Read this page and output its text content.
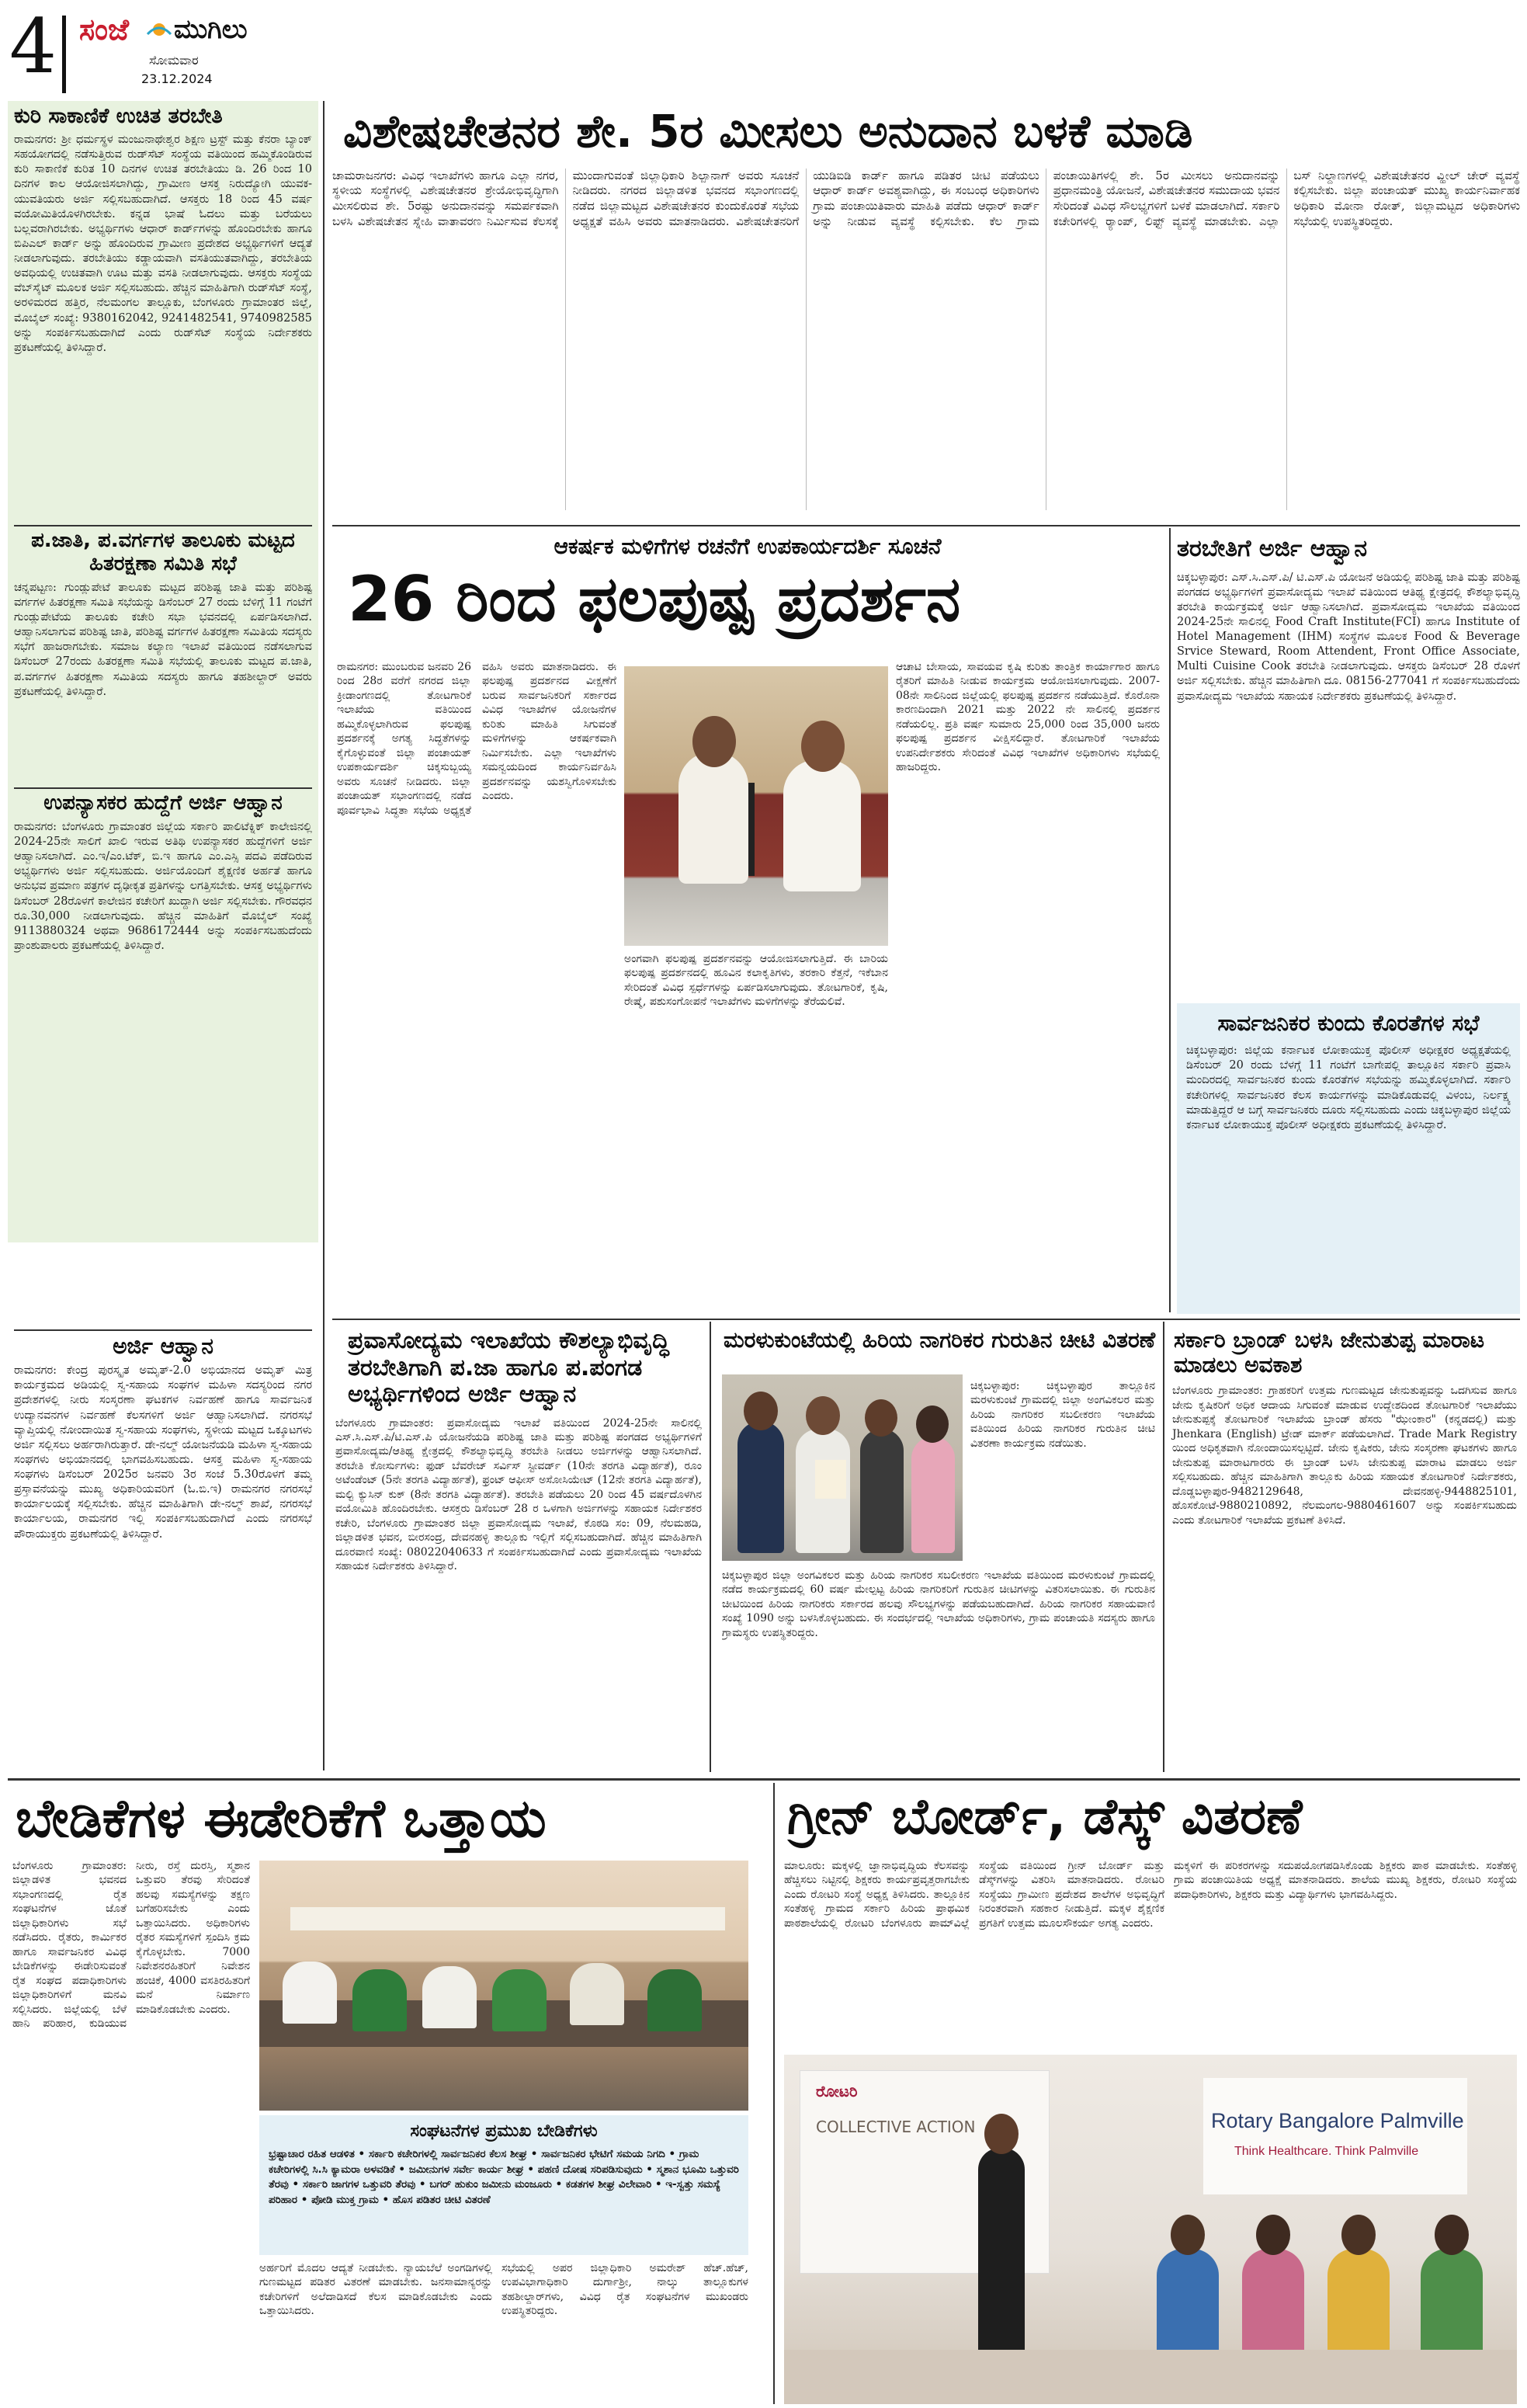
4 ಸಂಜೆ ಮುಗಿಲು
ಸೋಮವಾರ
23.12.2024
ಕುರಿ ಸಾಕಾಣಿಕೆ ಉಚಿತ ತರಬೇತಿ
ರಾಮನಗರ: ಶ್ರೀ ಧರ್ಮಸ್ಥಳ ಮಂಜುನಾಥೇಶ್ವರ ಶಿಕ್ಷಣ ಟ್ರಸ್ಟ್ ಮತ್ತು ಕೆನರಾ ಬ್ಯಾಂಕ್ ಸಹಯೋಗದಲ್ಲಿ ನಡೆಸುತ್ತಿರುವ ರುಡ್‌ಸೆಟ್ ಸಂಸ್ಥೆಯ ವತಿಯಿಂದ ಹಮ್ಮಿಕೊಂಡಿರುವ ಕುರಿ ಸಾಕಾಣಿಕೆ ಕುರಿತ 10 ದಿನಗಳ ಉಚಿತ ತರಬೇತಿಯು ಡಿ. 26 ರಿಂದ 10 ದಿನಗಳ ಕಾಲ ಆಯೋಜಿಸಲಾಗಿದ್ದು, ಗ್ರಾಮೀಣ ಆಸಕ್ತ ನಿರುದ್ಯೋಗಿ ಯುವಕ-ಯುವತಿಯರು ಅರ್ಜಿ ಸಲ್ಲಿಸಬಹುದಾಗಿದೆ. ಆಸಕ್ತರು 18 ರಿಂದ 45 ವರ್ಷ ವಯೋಮಿತಿಯೊಳಗಿರಬೇಕು. ಕನ್ನಡ ಭಾಷೆ ಓದಲು ಮತ್ತು ಬರೆಯಲು ಬಲ್ಲವರಾಗಿರಬೇಕು. ಅಭ್ಯರ್ಥಿಗಳು ಆಧಾರ್ ಕಾರ್ಡ್‌ಗಳನ್ನು ಹೊಂದಿರಬೇಕು ಹಾಗೂ ಬಿಪಿಎಲ್ ಕಾರ್ಡ್ ಅನ್ನು ಹೊಂದಿರುವ ಗ್ರಾಮೀಣ ಪ್ರದೇಶದ ಅಭ್ಯರ್ಥಿಗಳಿಗೆ ಆದ್ಯತೆ ನೀಡಲಾಗುವುದು. ತರಬೇತಿಯು ಕಡ್ಡಾಯವಾಗಿ ವಸತಿಯುತವಾಗಿದ್ದು, ತರಬೇತಿಯ ಅವಧಿಯಲ್ಲಿ ಉಚಿತವಾಗಿ ಊಟ ಮತ್ತು ವಸತಿ ನೀಡಲಾಗುವುದು. ಆಸಕ್ತರು ಸಂಸ್ಥೆಯ ವೆಬ್‌ಸೈಟ್ ಮೂಲಕ ಅರ್ಜಿ ಸಲ್ಲಿಸಬಹುದು. ಹೆಚ್ಚಿನ ಮಾಹಿತಿಗಾಗಿ ರುಡ್‌ಸೆಟ್ ಸಂಸ್ಥೆ, ಅರಳಿಮರದ ಹತ್ತಿರ, ನೆಲಮಂಗಲ ತಾಲ್ಲೂಕು, ಬೆಂಗಳೂರು ಗ್ರಾಮಾಂತರ ಜಿಲ್ಲೆ, ಮೊಬೈಲ್ ಸಂಖ್ಯೆ: 9380162042, 9241482541, 9740982585 ಅನ್ನು ಸಂಪರ್ಕಿಸಬಹುದಾಗಿದೆ ಎಂದು ರುಡ್‌ಸೆಟ್ ಸಂಸ್ಥೆಯ ನಿರ್ದೇಶಕರು ಪ್ರಕಟಣೆಯಲ್ಲಿ ತಿಳಿಸಿದ್ದಾರೆ.
ಪ.ಜಾತಿ, ಪ.ವರ್ಗಗಳ ತಾಲೂಕು ಮಟ್ಟದ ಹಿತರಕ್ಷಣಾ ಸಮಿತಿ ಸಭೆ
ಚನ್ನಪಟ್ಟಣ: ಗುಂಡ್ಲುಪೇಟೆ ತಾಲೂಕು ಮಟ್ಟದ ಪರಿಶಿಷ್ಟ ಜಾತಿ ಮತ್ತು ಪರಿಶಿಷ್ಟ ವರ್ಗಗಳ ಹಿತರಕ್ಷಣಾ ಸಮಿತಿ ಸಭೆಯನ್ನು ಡಿಸೆಂಬರ್ 27 ರಂದು ಬೆಳಿಗ್ಗೆ 11 ಗಂಟೆಗೆ ಗುಂಡ್ಲುಪೇಟೆಯ ತಾಲೂಕು ಕಚೇರಿ ಸಭಾ ಭವನದಲ್ಲಿ ಏರ್ಪಡಿಸಲಾಗಿದೆ. ಆಹ್ವಾನಿಸಲಾಗುವ ಪರಿಶಿಷ್ಟ ಜಾತಿ, ಪರಿಶಿಷ್ಟ ವರ್ಗಗಳ ಹಿತರಕ್ಷಣಾ ಸಮಿತಿಯ ಸದಸ್ಯರು ಸಭೆಗೆ ಹಾಜರಾಗಬೇಕು. ಸಮಾಜ ಕಲ್ಯಾಣ ಇಲಾಖೆ ವತಿಯಿಂದ ನಡೆಸಲಾಗುವ ಡಿಸೆಂಬರ್ 27ರಂದು ಹಿತರಕ್ಷಣಾ ಸಮಿತಿ ಸಭೆಯಲ್ಲಿ ತಾಲೂಕು ಮಟ್ಟದ ಪ.ಜಾತಿ, ಪ.ವರ್ಗಗಳ ಹಿತರಕ್ಷಣಾ ಸಮಿತಿಯ ಸದಸ್ಯರು ಹಾಗೂ ತಹಶೀಲ್ದಾರ್ ಅವರು ಪ್ರಕಟಣೆಯಲ್ಲಿ ತಿಳಿಸಿದ್ದಾರೆ.
ಉಪನ್ಯಾಸಕರ ಹುದ್ದೆಗೆ ಅರ್ಜಿ ಆಹ್ವಾನ
ರಾಮನಗರ: ಬೆಂಗಳೂರು ಗ್ರಾಮಾಂತರ ಜಿಲ್ಲೆಯ ಸರ್ಕಾರಿ ಪಾಲಿಟೆಕ್ನಿಕ್ ಕಾಲೇಜಿನಲ್ಲಿ 2024-25ನೇ ಸಾಲಿಗೆ ಖಾಲಿ ಇರುವ ಅತಿಥಿ ಉಪನ್ಯಾಸಕರ ಹುದ್ದೆಗಳಿಗೆ ಅರ್ಜಿ ಆಹ್ವಾನಿಸಲಾಗಿದೆ. ಎಂ.ಇ/ಎಂ.ಟೆಕ್, ಬಿ.ಇ ಹಾಗೂ ಎಂ.ಎಸ್ಸಿ ಪದವಿ ಪಡೆದಿರುವ ಅಭ್ಯರ್ಥಿಗಳು ಅರ್ಜಿ ಸಲ್ಲಿಸಬಹುದು. ಅರ್ಜಿಯೊಂದಿಗೆ ಶೈಕ್ಷಣಿಕ ಅರ್ಹತೆ ಹಾಗೂ ಅನುಭವ ಪ್ರಮಾಣ ಪತ್ರಗಳ ದೃಢೀಕೃತ ಪ್ರತಿಗಳನ್ನು ಲಗತ್ತಿಸಬೇಕು. ಆಸಕ್ತ ಅಭ್ಯರ್ಥಿಗಳು ಡಿಸೆಂಬರ್ 28ರೊಳಗೆ ಕಾಲೇಜಿನ ಕಚೇರಿಗೆ ಖುದ್ದಾಗಿ ಅರ್ಜಿ ಸಲ್ಲಿಸಬೇಕು. ಗೌರವಧನ ರೂ.30,000 ನೀಡಲಾಗುವುದು. ಹೆಚ್ಚಿನ ಮಾಹಿತಿಗೆ ಮೊಬೈಲ್ ಸಂಖ್ಯೆ 9113880324 ಅಥವಾ 9686172444 ಅನ್ನು ಸಂಪರ್ಕಿಸಬಹುದೆಂದು ಪ್ರಾಂಶುಪಾಲರು ಪ್ರಕಟಣೆಯಲ್ಲಿ ತಿಳಿಸಿದ್ದಾರೆ.
ಅರ್ಜಿ ಆಹ್ವಾನ
ರಾಮನಗರ: ಕೇಂದ್ರ ಪುರಸ್ಕೃತ ಅಮೃತ್-2.0 ಅಭಿಯಾನದ ಅಮೃತ್ ಮಿತ್ರ ಕಾರ್ಯಕ್ರಮದ ಅಡಿಯಲ್ಲಿ ಸ್ವ-ಸಹಾಯ ಸಂಘಗಳ ಮಹಿಳಾ ಸದಸ್ಯರಿಂದ ನಗರ ಪ್ರದೇಶಗಳಲ್ಲಿ ನೀರು ಸಂಸ್ಕರಣಾ ಘಟಕಗಳ ನಿರ್ವಹಣೆ ಹಾಗೂ ಸಾರ್ವಜನಿಕ ಉದ್ಯಾನವನಗಳ ನಿರ್ವಹಣೆ ಕೆಲಸಗಳಿಗೆ ಅರ್ಜಿ ಆಹ್ವಾನಿಸಲಾಗಿದೆ. ನಗರಸಭೆ ವ್ಯಾಪ್ತಿಯಲ್ಲಿ ನೋಂದಾಯಿತ ಸ್ವ-ಸಹಾಯ ಸಂಘಗಳು, ಸ್ಥಳೀಯ ಮಟ್ಟದ ಒಕ್ಕೂಟಗಳು ಅರ್ಜಿ ಸಲ್ಲಿಸಲು ಅರ್ಹರಾಗಿರುತ್ತಾರೆ. ಡೇ-ನಲ್ಮ್ ಯೋಜನೆಯಡಿ ಮಹಿಳಾ ಸ್ವ-ಸಹಾಯ ಸಂಘಗಳು ಅಭಿಯಾನದಲ್ಲಿ ಭಾಗವಹಿಸಬಹುದು. ಆಸಕ್ತ ಮಹಿಳಾ ಸ್ವ-ಸಹಾಯ ಸಂಘಗಳು ಡಿಸೆಂಬರ್ 2025ರ ಜನವರಿ 3ರ ಸಂಜೆ 5.30ರೊಳಗೆ ತಮ್ಮ ಪ್ರಸ್ತಾವನೆಯನ್ನು ಮುಖ್ಯ ಅಧಿಕಾರಿಯವರಿಗೆ (ಓ.ಬಿ.ಇ) ರಾಮನಗರ ನಗರಸಭೆ ಕಾರ್ಯಾಲಯಕ್ಕೆ ಸಲ್ಲಿಸಬೇಕು. ಹೆಚ್ಚಿನ ಮಾಹಿತಿಗಾಗಿ ಡೇ-ನಲ್ಮ್ ಶಾಖೆ, ನಗರಸಭೆ ಕಾರ್ಯಾಲಯ, ರಾಮನಗರ ಇಲ್ಲಿ ಸಂಪರ್ಕಿಸಬಹುದಾಗಿದೆ ಎಂದು ನಗರಸಭೆ ಪೌರಾಯುಕ್ತರು ಪ್ರಕಟಣೆಯಲ್ಲಿ ತಿಳಿಸಿದ್ದಾರೆ.
ವಿಶೇಷಚೇತನರ ಶೇ. 5ರ ಮೀಸಲು ಅನುದಾನ ಬಳಕೆ ಮಾಡಿ
ಚಾಮರಾಜನಗರ: ವಿವಿಧ ಇಲಾಖೆಗಳು ಹಾಗೂ ಎಲ್ಲಾ ನಗರ, ಸ್ಥಳೀಯ ಸಂಸ್ಥೆಗಳಲ್ಲಿ ವಿಶೇಷಚೇತನರ ಶ್ರೇಯೋಭಿವೃದ್ಧಿಗಾಗಿ ಮೀಸಲಿರುವ ಶೇ. 5ರಷ್ಟು ಅನುದಾನವನ್ನು ಸಮರ್ಪಕವಾಗಿ ಬಳಸಿ ವಿಶೇಷಚೇತನ ಸ್ನೇಹಿ ವಾತಾವರಣ ನಿರ್ಮಿಸುವ ಕೆಲಸಕ್ಕೆ ಮುಂದಾಗುವಂತೆ ಜಿಲ್ಲಾಧಿಕಾರಿ ಶಿಲ್ಪಾನಾಗ್ ಅವರು ಸೂಚನೆ ನೀಡಿದರು. ನಗರದ ಜಿಲ್ಲಾಡಳಿತ ಭವನದ ಸಭಾಂಗಣದಲ್ಲಿ ನಡೆದ ಜಿಲ್ಲಾಮಟ್ಟದ ವಿಶೇಷಚೇತನರ ಕುಂದುಕೊರತೆ ಸಭೆಯ ಅಧ್ಯಕ್ಷತೆ ವಹಿಸಿ ಅವರು ಮಾತನಾಡಿದರು. ವಿಶೇಷಚೇತನರಿಗೆ ಯುಡಿಐಡಿ ಕಾರ್ಡ್ ಹಾಗೂ ಪಡಿತರ ಚೀಟಿ ಪಡೆಯಲು ಆಧಾರ್ ಕಾರ್ಡ್ ಅವಶ್ಯವಾಗಿದ್ದು, ಈ ಸಂಬಂಧ ಅಧಿಕಾರಿಗಳು ಗ್ರಾಮ ಪಂಚಾಯಿತಿವಾರು ಮಾಹಿತಿ ಪಡೆದು ಆಧಾರ್ ಕಾರ್ಡ್ ಅನ್ನು ನೀಡುವ ವ್ಯವಸ್ಥೆ ಕಲ್ಪಿಸಬೇಕು. ಕೆಲ ಗ್ರಾಮ ಪಂಚಾಯಿತಿಗಳಲ್ಲಿ ಶೇ. 5ರ ಮೀಸಲು ಅನುದಾನವನ್ನು ಪ್ರಧಾನಮಂತ್ರಿ ಯೋಜನೆ, ವಿಶೇಷಚೇತನರ ಸಮುದಾಯ ಭವನ ಸೇರಿದಂತೆ ವಿವಿಧ ಸೌಲಭ್ಯಗಳಿಗೆ ಬಳಕೆ ಮಾಡಲಾಗಿದೆ. ಸರ್ಕಾರಿ ಕಚೇರಿಗಳಲ್ಲಿ ರ‍್ಯಾಂಪ್, ಲಿಫ್ಟ್ ವ್ಯವಸ್ಥೆ ಮಾಡಬೇಕು. ಎಲ್ಲಾ ಬಸ್ ನಿಲ್ದಾಣಗಳಲ್ಲಿ ವಿಶೇಷಚೇತನರ ವ್ಹೀಲ್ ಚೇರ್ ವ್ಯವಸ್ಥೆ ಕಲ್ಪಿಸಬೇಕು. ಜಿಲ್ಲಾ ಪಂಚಾಯತ್ ಮುಖ್ಯ ಕಾರ್ಯನಿರ್ವಾಹಕ ಅಧಿಕಾರಿ ಮೋನಾ ರೋತ್, ಜಿಲ್ಲಾಮಟ್ಟದ ಅಧಿಕಾರಿಗಳು ಸಭೆಯಲ್ಲಿ ಉಪಸ್ಥಿತರಿದ್ದರು.
ಆಕರ್ಷಕ ಮಳಿಗೆಗಳ ರಚನೆಗೆ ಉಪಕಾರ್ಯದರ್ಶಿ ಸೂಚನೆ
26 ರಿಂದ ಫಲಪುಷ್ಪ ಪ್ರದರ್ಶನ
ರಾಮನಗರ: ಮುಂಬರುವ ಜನವರಿ 26 ರಿಂದ 28ರ ವರೆಗೆ ನಗರದ ಜಿಲ್ಲಾ ಕ್ರೀಡಾಂಗಣದಲ್ಲಿ ತೋಟಗಾರಿಕೆ ಇಲಾಖೆಯ ವತಿಯಿಂದ ಹಮ್ಮಿಕೊಳ್ಳಲಾಗಿರುವ ಫಲಪುಷ್ಪ ಪ್ರದರ್ಶನಕ್ಕೆ ಅಗತ್ಯ ಸಿದ್ಧತೆಗಳನ್ನು ಕೈಗೊಳ್ಳುವಂತೆ ಜಿಲ್ಲಾ ಪಂಚಾಯತ್ ಉಪಕಾರ್ಯದರ್ಶಿ ಚಿಕ್ಕಸುಬ್ಬಯ್ಯ ಅವರು ಸೂಚನೆ ನೀಡಿದರು. ಜಿಲ್ಲಾ ಪಂಚಾಯತ್ ಸಭಾಂಗಣದಲ್ಲಿ ನಡೆದ ಪೂರ್ವಭಾವಿ ಸಿದ್ಧತಾ ಸಭೆಯ ಅಧ್ಯಕ್ಷತೆ ವಹಿಸಿ ಅವರು ಮಾತನಾಡಿದರು. ಈ ಫಲಪುಷ್ಪ ಪ್ರದರ್ಶನದ ವೀಕ್ಷಣೆಗೆ ಬರುವ ಸಾರ್ವಜನಿಕರಿಗೆ ಸರ್ಕಾರದ ವಿವಿಧ ಇಲಾಖೆಗಳ ಯೋಜನೆಗಳ ಕುರಿತು ಮಾಹಿತಿ ಸಿಗುವಂತೆ ಮಳಿಗೆಗಳನ್ನು ಆಕರ್ಷಕವಾಗಿ ನಿರ್ಮಿಸಬೇಕು. ಎಲ್ಲಾ ಇಲಾಖೆಗಳು ಸಮನ್ವಯದಿಂದ ಕಾರ್ಯನಿರ್ವಹಿಸಿ ಪ್ರದರ್ಶನವನ್ನು ಯಶಸ್ವಿಗೊಳಿಸಬೇಕು ಎಂದರು.
ಅಂಗವಾಗಿ ಫಲಪುಷ್ಪ ಪ್ರದರ್ಶನವನ್ನು ಆಯೋಜಿಸಲಾಗುತ್ತಿದೆ. ಈ ಬಾರಿಯ ಫಲಪುಷ್ಪ ಪ್ರದರ್ಶನದಲ್ಲಿ ಹೂವಿನ ಕಲಾಕೃತಿಗಳು, ತರಕಾರಿ ಕೆತ್ತನೆ, ಇಕೆಬಾನ ಸೇರಿದಂತೆ ವಿವಿಧ ಸ್ಪರ್ಧೆಗಳನ್ನು ಏರ್ಪಡಿಸಲಾಗುವುದು. ತೋಟಗಾರಿಕೆ, ಕೃಷಿ, ರೇಷ್ಮೆ, ಪಶುಸಂಗೋಪನೆ ಇಲಾಖೆಗಳು ಮಳಿಗೆಗಳನ್ನು ತೆರೆಯಲಿವೆ.
ಆಚಾಟಿ ಬೇಸಾಯ, ಸಾವಯವ ಕೃಷಿ ಕುರಿತು ತಾಂತ್ರಿಕ ಕಾರ್ಯಾಗಾರ ಹಾಗೂ ರೈತರಿಗೆ ಮಾಹಿತಿ ನೀಡುವ ಕಾರ್ಯಕ್ರಮ ಆಯೋಜಿಸಲಾಗುವುದು. 2007-08ನೇ ಸಾಲಿನಿಂದ ಜಿಲ್ಲೆಯಲ್ಲಿ ಫಲಪುಷ್ಪ ಪ್ರದರ್ಶನ ನಡೆಯುತ್ತಿದೆ. ಕೊರೊನಾ ಕಾರಣದಿಂದಾಗಿ 2021 ಮತ್ತು 2022 ನೇ ಸಾಲಿನಲ್ಲಿ ಪ್ರದರ್ಶನ ನಡೆಯಲಿಲ್ಲ. ಪ್ರತಿ ವರ್ಷ ಸುಮಾರು 25,000 ರಿಂದ 35,000 ಜನರು ಫಲಪುಷ್ಪ ಪ್ರದರ್ಶನ ವೀಕ್ಷಿಸಲಿದ್ದಾರೆ. ತೋಟಗಾರಿಕೆ ಇಲಾಖೆಯ ಉಪನಿರ್ದೇಶಕರು ಸೇರಿದಂತೆ ವಿವಿಧ ಇಲಾಖೆಗಳ ಅಧಿಕಾರಿಗಳು ಸಭೆಯಲ್ಲಿ ಹಾಜರಿದ್ದರು.
ತರಬೇತಿಗೆ ಅರ್ಜಿ ಆಹ್ವಾನ
ಚಿಕ್ಕಬಳ್ಳಾಪುರ: ಎಸ್.ಸಿ.ಎಸ್.ಪಿ/ ಟಿ.ಎಸ್.ಪಿ ಯೋಜನೆ ಅಡಿಯಲ್ಲಿ ಪರಿಶಿಷ್ಟ ಜಾತಿ ಮತ್ತು ಪರಿಶಿಷ್ಟ ಪಂಗಡದ ಅಭ್ಯರ್ಥಿಗಳಿಗೆ ಪ್ರವಾಸೋದ್ಯಮ ಇಲಾಖೆ ವತಿಯಿಂದ ಆತಿಥ್ಯ ಕ್ಷೇತ್ರದಲ್ಲಿ ಕೌಶಲ್ಯಾಭಿವೃದ್ಧಿ ತರಬೇತಿ ಕಾರ್ಯಕ್ರಮಕ್ಕೆ ಅರ್ಜಿ ಆಹ್ವಾನಿಸಲಾಗಿದೆ. ಪ್ರವಾಸೋದ್ಯಮ ಇಲಾಖೆಯ ವತಿಯಿಂದ 2024-25ನೇ ಸಾಲಿನಲ್ಲಿ Food Craft Institute(FCI) ಹಾಗೂ Institute of Hotel Management (IHM) ಸಂಸ್ಥೆಗಳ ಮೂಲಕ Food & Beverage Srvice Steward, Room Attendent, Front Office Associate, Multi Cuisine Cook ತರಬೇತಿ ನೀಡಲಾಗುವುದು. ಆಸಕ್ತರು ಡಿಸೆಂಬರ್ 28 ರೊಳಗೆ ಅರ್ಜಿ ಸಲ್ಲಿಸಬೇಕು. ಹೆಚ್ಚಿನ ಮಾಹಿತಿಗಾಗಿ ದೂ. 08156-277041 ಗೆ ಸಂಪರ್ಕಿಸಬಹುದೆಂದು ಪ್ರವಾಸೋದ್ಯಮ ಇಲಾಖೆಯ ಸಹಾಯಕ ನಿರ್ದೇಶಕರು ಪ್ರಕಟಣೆಯಲ್ಲಿ ತಿಳಿಸಿದ್ದಾರೆ.
ಸಾರ್ವಜನಿಕರ ಕುಂದು ಕೊರತೆಗಳ ಸಭೆ
ಚಿಕ್ಕಬಳ್ಳಾಪುರ: ಜಿಲ್ಲೆಯ ಕರ್ನಾಟಕ ಲೋಕಾಯುಕ್ತ ಪೊಲೀಸ್ ಅಧೀಕ್ಷಕರ ಅಧ್ಯಕ್ಷತೆಯಲ್ಲಿ ಡಿಸೆಂಬರ್ 20 ರಂದು ಬೆಳಗ್ಗೆ 11 ಗಂಟೆಗೆ ಬಾಗೇಪಲ್ಲಿ ತಾಲ್ಲೂಕಿನ ಸರ್ಕಾರಿ ಪ್ರವಾಸಿ ಮಂದಿರದಲ್ಲಿ ಸಾರ್ವಜನಿಕರ ಕುಂದು ಕೊರತೆಗಳ ಸಭೆಯನ್ನು ಹಮ್ಮಿಕೊಳ್ಳಲಾಗಿದೆ. ಸರ್ಕಾರಿ ಕಚೇರಿಗಳಲ್ಲಿ ಸಾರ್ವಜನಿಕರ ಕೆಲಸ ಕಾರ್ಯಗಳನ್ನು ಮಾಡಿಕೊಡುವಲ್ಲಿ ವಿಳಂಬ, ನಿರ್ಲಕ್ಷ್ಯ ಮಾಡುತ್ತಿದ್ದರೆ ಆ ಬಗ್ಗೆ ಸಾರ್ವಜನಿಕರು ದೂರು ಸಲ್ಲಿಸಬಹುದು ಎಂದು ಚಿಕ್ಕಬಳ್ಳಾಪುರ ಜಿಲ್ಲೆಯ ಕರ್ನಾಟಕ ಲೋಕಾಯುಕ್ತ ಪೊಲೀಸ್ ಅಧೀಕ್ಷಕರು ಪ್ರಕಟಣೆಯಲ್ಲಿ ತಿಳಿಸಿದ್ದಾರೆ.
ಪ್ರವಾಸೋದ್ಯಮ ಇಲಾಖೆಯ ಕೌಶಲ್ಯಾಭಿವೃದ್ಧಿ ತರಬೇತಿಗಾಗಿ ಪ.ಜಾ ಹಾಗೂ ಪ.ಪಂಗಡ ಅಭ್ಯರ್ಥಿಗಳಿಂದ ಅರ್ಜಿ ಆಹ್ವಾನ
ಬೆಂಗಳೂರು ಗ್ರಾಮಾಂತರ: ಪ್ರವಾಸೋದ್ಯಮ ಇಲಾಖೆ ವತಿಯಿಂದ 2024-25ನೇ ಸಾಲಿನಲ್ಲಿ ಎಸ್.ಸಿ.ಎಸ್.ಪಿ/ಟಿ.ಎಸ್.ಪಿ ಯೋಜನೆಯಡಿ ಪರಿಶಿಷ್ಟ ಜಾತಿ ಮತ್ತು ಪರಿಶಿಷ್ಟ ಪಂಗಡದ ಅಭ್ಯರ್ಥಿಗಳಿಗೆ ಪ್ರವಾಸೋದ್ಯಮ/ಆತಿಥ್ಯ ಕ್ಷೇತ್ರದಲ್ಲಿ ಕೌಶಲ್ಯಾಭಿವೃದ್ಧಿ ತರಬೇತಿ ನೀಡಲು ಅರ್ಜಿಗಳನ್ನು ಆಹ್ವಾನಿಸಲಾಗಿದೆ. ತರಬೇತಿ ಕೋರ್ಸುಗಳು: ಫುಡ್ ಬೆವರೇಜ್ ಸರ್ವಿಸ್ ಸ್ಟೀವರ್ಡ್ (10ನೇ ತರಗತಿ ವಿದ್ಯಾರ್ಹತೆ), ರೂಂ ಅಟೆಂಡೆಂಟ್ (5ನೇ ತರಗತಿ ವಿದ್ಯಾರ್ಹತೆ), ಫ್ರಂಟ್ ಆಫೀಸ್ ಅಸೋಸಿಯೇಟ್ (12ನೇ ತರಗತಿ ವಿದ್ಯಾರ್ಹತೆ), ಮಲ್ಟಿ ಕ್ಯುಸಿನ್ ಕುಕ್ (8ನೇ ತರಗತಿ ವಿದ್ಯಾರ್ಹತೆ). ತರಬೇತಿ ಪಡೆಯಲು 20 ರಿಂದ 45 ವರ್ಷದೊಳಗಿನ ವಯೋಮಿತಿ ಹೊಂದಿರಬೇಕು. ಆಸಕ್ತರು ಡಿಸೆಂಬರ್ 28 ರ ಒಳಗಾಗಿ ಅರ್ಜಿಗಳನ್ನು ಸಹಾಯಕ ನಿರ್ದೇಶಕರ ಕಚೇರಿ, ಬೆಂಗಳೂರು ಗ್ರಾಮಾಂತರ ಜಿಲ್ಲಾ ಪ್ರವಾಸೋದ್ಯಮ ಇಲಾಖೆ, ಕೊಠಡಿ ಸಂ: 09, ನೆಲಮಹಡಿ, ಜಿಲ್ಲಾಡಳಿತ ಭವನ, ಬೀರಸಂದ್ರ, ದೇವನಹಳ್ಳಿ ತಾಲ್ಲೂಕು ಇಲ್ಲಿಗೆ ಸಲ್ಲಿಸಬಹುದಾಗಿದೆ. ಹೆಚ್ಚಿನ ಮಾಹಿತಿಗಾಗಿ ದೂರವಾಣಿ ಸಂಖ್ಯೆ: 08022040633 ಗೆ ಸಂಪರ್ಕಿಸಬಹುದಾಗಿದೆ ಎಂದು ಪ್ರವಾಸೋದ್ಯಮ ಇಲಾಖೆಯ ಸಹಾಯಕ ನಿರ್ದೇಶಕರು ತಿಳಿಸಿದ್ದಾರೆ.
ಮರಳುಕುಂಟೆಯಲ್ಲಿ ಹಿರಿಯ ನಾಗರಿಕರ ಗುರುತಿನ ಚೀಟಿ ವಿತರಣೆ
ಚಿಕ್ಕಬಳ್ಳಾಪುರ: ಚಿಕ್ಕಬಳ್ಳಾಪುರ ತಾಲ್ಲೂಕಿನ ಮರಳುಕುಂಟೆ ಗ್ರಾಮದಲ್ಲಿ ಜಿಲ್ಲಾ ಅಂಗವಿಕಲರ ಮತ್ತು ಹಿರಿಯ ನಾಗರಿಕರ ಸಬಲೀಕರಣ ಇಲಾಖೆಯ ವತಿಯಿಂದ ಹಿರಿಯ ನಾಗರಿಕರ ಗುರುತಿನ ಚೀಟಿ ವಿತರಣಾ ಕಾರ್ಯಕ್ರಮ ನಡೆಯಿತು.
ಚಿಕ್ಕಬಳ್ಳಾಪುರ ಜಿಲ್ಲಾ ಅಂಗವಿಕಲರ ಮತ್ತು ಹಿರಿಯ ನಾಗರಿಕರ ಸಬಲೀಕರಣ ಇಲಾಖೆಯ ವತಿಯಿಂದ ಮರಳುಕುಂಟೆ ಗ್ರಾಮದಲ್ಲಿ ನಡೆದ ಕಾರ್ಯಕ್ರಮದಲ್ಲಿ 60 ವರ್ಷ ಮೇಲ್ಪಟ್ಟ ಹಿರಿಯ ನಾಗರಿಕರಿಗೆ ಗುರುತಿನ ಚೀಟಿಗಳನ್ನು ವಿತರಿಸಲಾಯಿತು. ಈ ಗುರುತಿನ ಚೀಟಿಯಿಂದ ಹಿರಿಯ ನಾಗರಿಕರು ಸರ್ಕಾರದ ಹಲವು ಸೌಲಭ್ಯಗಳನ್ನು ಪಡೆಯಬಹುದಾಗಿದೆ. ಹಿರಿಯ ನಾಗರಿಕರ ಸಹಾಯವಾಣಿ ಸಂಖ್ಯೆ 1090 ಅನ್ನು ಬಳಸಿಕೊಳ್ಳಬಹುದು. ಈ ಸಂದರ್ಭದಲ್ಲಿ ಇಲಾಖೆಯ ಅಧಿಕಾರಿಗಳು, ಗ್ರಾಮ ಪಂಚಾಯತಿ ಸದಸ್ಯರು ಹಾಗೂ ಗ್ರಾಮಸ್ಥರು ಉಪಸ್ಥಿತರಿದ್ದರು.
ಸರ್ಕಾರಿ ಬ್ರಾಂಡ್ ಬಳಸಿ ಜೇನುತುಪ್ಪ ಮಾರಾಟ ಮಾಡಲು ಅವಕಾಶ
ಬೆಂಗಳೂರು ಗ್ರಾಮಾಂತರ: ಗ್ರಾಹಕರಿಗೆ ಉತ್ತಮ ಗುಣಮಟ್ಟದ ಜೇನುತುಪ್ಪವನ್ನು ಒದಗಿಸುವ ಹಾಗೂ ಜೇನು ಕೃಷಿಕರಿಗೆ ಅಧಿಕ ಆದಾಯ ಸಿಗುವಂತೆ ಮಾಡುವ ಉದ್ದೇಶದಿಂದ ತೋಟಗಾರಿಕೆ ಇಲಾಖೆಯು ಜೇನುತುಪ್ಪಕ್ಕೆ ತೋಟಗಾರಿಕೆ ಇಲಾಖೆಯ ಬ್ರಾಂಡ್ ಹೆಸರು "ಝೇಂಕಾರ" (ಕನ್ನಡದಲ್ಲಿ) ಮತ್ತು Jhenkara (English) ಟ್ರೇಡ್ ಮಾರ್ಕ್ ಪಡೆಯಲಾಗಿದೆ. Trade Mark Registry ಯಿಂದ ಅಧಿಕೃತವಾಗಿ ನೋಂದಾಯಿಸಲ್ಪಟ್ಟಿದೆ. ಜೇನು ಕೃಷಿಕರು, ಜೇನು ಸಂಸ್ಕರಣಾ ಘಟಕಗಳು ಹಾಗೂ ಜೇನುತುಪ್ಪ ಮಾರಾಟಗಾರರು ಈ ಬ್ರಾಂಡ್ ಬಳಸಿ ಜೇನುತುಪ್ಪ ಮಾರಾಟ ಮಾಡಲು ಅರ್ಜಿ ಸಲ್ಲಿಸಬಹುದು. ಹೆಚ್ಚಿನ ಮಾಹಿತಿಗಾಗಿ ತಾಲ್ಲೂಕು ಹಿರಿಯ ಸಹಾಯಕ ತೋಟಗಾರಿಕೆ ನಿರ್ದೇಶಕರು, ದೊಡ್ಡಬಳ್ಳಾಪುರ-9482129648, ದೇವನಹಳ್ಳಿ-9448825101, ಹೊಸಕೋಟೆ-9880210892, ನೆಲಮಂಗಲ-9880461607 ಅನ್ನು ಸಂಪರ್ಕಿಸಬಹುದು ಎಂದು ತೋಟಗಾರಿಕೆ ಇಲಾಖೆಯ ಪ್ರಕಟಣೆ ತಿಳಿಸಿದೆ.
ಬೇಡಿಕೆಗಳ ಈಡೇರಿಕೆಗೆ ಒತ್ತಾಯ
ಬೆಂಗಳೂರು ಗ್ರಾಮಾಂತರ: ಜಿಲ್ಲಾಡಳಿತ ಭವನದ ಸಭಾಂಗಣದಲ್ಲಿ ರೈತ ಸಂಘಟನೆಗಳ ಜೊತೆ ಜಿಲ್ಲಾಧಿಕಾರಿಗಳು ಸಭೆ ನಡೆಸಿದರು. ರೈತರು, ಕಾರ್ಮಿಕರ ಹಾಗೂ ಸಾರ್ವಜನಿಕರ ವಿವಿಧ ಬೇಡಿಕೆಗಳನ್ನು ಈಡೇರಿಸುವಂತೆ ರೈತ ಸಂಘದ ಪದಾಧಿಕಾರಿಗಳು ಜಿಲ್ಲಾಧಿಕಾರಿಗಳಿಗೆ ಮನವಿ ಸಲ್ಲಿಸಿದರು. ಜಿಲ್ಲೆಯಲ್ಲಿ ಬೆಳೆ ಹಾನಿ ಪರಿಹಾರ, ಕುಡಿಯುವ ನೀರು, ರಸ್ತೆ ದುರಸ್ತಿ, ಸ್ಮಶಾನ ಒತ್ತುವರಿ ತೆರವು ಸೇರಿದಂತೆ ಹಲವು ಸಮಸ್ಯೆಗಳನ್ನು ತಕ್ಷಣ ಬಗೆಹರಿಸಬೇಕು ಎಂದು ಒತ್ತಾಯಿಸಿದರು. ಅಧಿಕಾರಿಗಳು ರೈತರ ಸಮಸ್ಯೆಗಳಿಗೆ ಸ್ಪಂದಿಸಿ ಕ್ರಮ ಕೈಗೊಳ್ಳಬೇಕು. 7000 ನಿವೇಶನರಹಿತರಿಗೆ ನಿವೇಶನ ಹಂಚಿಕೆ, 4000 ವಸತಿರಹಿತರಿಗೆ ಮನೆ ನಿರ್ಮಾಣ ಮಾಡಿಕೊಡಬೇಕು ಎಂದರು.
ಸಂಘಟನೆಗಳ ಪ್ರಮುಖ ಬೇಡಿಕೆಗಳು
ಭ್ರಷ್ಟಾಚಾರ ರಹಿತ ಆಡಳಿತ • ಸರ್ಕಾರಿ ಕಚೇರಿಗಳಲ್ಲಿ ಸಾರ್ವಜನಿಕರ ಕೆಲಸ ಶೀಘ್ರ • ಸಾರ್ವಜನಿಕರ ಭೇಟಿಗೆ ಸಮಯ ನಿಗದಿ • ಗ್ರಾಮ ಕಚೇರಿಗಳಲ್ಲಿ ಸಿ.ಸಿ ಕ್ಯಾಮರಾ ಅಳವಡಿಕೆ • ಜಮೀನುಗಳ ಸರ್ವೇ ಕಾರ್ಯ ಶೀಘ್ರ • ಪಹಣಿ ದೋಷ ಸರಿಪಡಿಸುವುದು • ಸ್ಮಶಾನ ಭೂಮಿ ಒತ್ತುವರಿ ತೆರವು • ಸರ್ಕಾರಿ ಜಾಗಗಳ ಒತ್ತುವರಿ ತೆರವು • ಬಗರ್ ಹುಕುಂ ಜಮೀನು ಮಂಜೂರು • ಕಡತಗಳ ಶೀಘ್ರ ವಿಲೇವಾರಿ • ಇ-ಸ್ವತ್ತು ಸಮಸ್ಯೆ ಪರಿಹಾರ • ಪೋಡಿ ಮುಕ್ತ ಗ್ರಾಮ • ಹೊಸ ಪಡಿತರ ಚೀಟಿ ವಿತರಣೆ
ಅರ್ಹರಿಗೆ ಮೊದಲ ಆದ್ಯತೆ ನೀಡಬೇಕು. ನ್ಯಾಯಬೆಲೆ ಅಂಗಡಿಗಳಲ್ಲಿ ಗುಣಮಟ್ಟದ ಪಡಿತರ ವಿತರಣೆ ಮಾಡಬೇಕು. ಜನಸಾಮಾನ್ಯರನ್ನು ಕಚೇರಿಗಳಿಗೆ ಅಲೆದಾಡಿಸದೆ ಕೆಲಸ ಮಾಡಿಕೊಡಬೇಕು ಎಂದು ಒತ್ತಾಯಿಸಿದರು.
ಸಭೆಯಲ್ಲಿ ಅಪರ ಜಿಲ್ಲಾಧಿಕಾರಿ ಅಮರೇಶ್ ಹೆಚ್.ಹೆಚ್, ಉಪವಿಭಾಗಾಧಿಕಾರಿ ದುರ್ಗಾಶ್ರೀ, ನಾಲ್ಕು ತಾಲ್ಲೂಕುಗಳ ತಹಶೀಲ್ದಾರ್‌ಗಳು, ವಿವಿಧ ರೈತ ಸಂಘಟನೆಗಳ ಮುಖಂಡರು ಉಪಸ್ಥಿತರಿದ್ದರು.
ಗ್ರೀನ್ ಬೋರ್ಡ್, ಡೆಸ್ಕ್ ವಿತರಣೆ
ಮಾಲೂರು: ಮಕ್ಕಳಲ್ಲಿ ಜ್ಞಾನಾಭಿವೃದ್ಧಿಯ ಕೆಲಸವನ್ನು ಹೆಚ್ಚಿಸಲು ನಿಟ್ಟಿನಲ್ಲಿ ಶಿಕ್ಷಕರು ಕಾರ್ಯಪ್ರವೃತ್ತರಾಗಬೇಕು ಎಂದು ರೋಟರಿ ಸಂಸ್ಥೆ ಅಧ್ಯಕ್ಷ ತಿಳಿಸಿದರು. ತಾಲ್ಲೂಕಿನ ಸಂತೆಹಳ್ಳಿ ಗ್ರಾಮದ ಸರ್ಕಾರಿ ಹಿರಿಯ ಪ್ರಾಥಮಿಕ ಪಾಠಶಾಲೆಯಲ್ಲಿ ರೋಟರಿ ಬೆಂಗಳೂರು ಪಾಮ್‌ವಿಲ್ಲೆ ಸಂಸ್ಥೆಯ ವತಿಯಿಂದ ಗ್ರೀನ್ ಬೋರ್ಡ್ ಮತ್ತು ಡೆಸ್ಕ್‌ಗಳನ್ನು ವಿತರಿಸಿ ಮಾತನಾಡಿದರು. ರೋಟರಿ ಸಂಸ್ಥೆಯು ಗ್ರಾಮೀಣ ಪ್ರದೇಶದ ಶಾಲೆಗಳ ಅಭಿವೃದ್ಧಿಗೆ ನಿರಂತರವಾಗಿ ಸಹಕಾರ ನೀಡುತ್ತಿದೆ. ಮಕ್ಕಳ ಶೈಕ್ಷಣಿಕ ಪ್ರಗತಿಗೆ ಉತ್ತಮ ಮೂಲಸೌಕರ್ಯ ಅಗತ್ಯ ಎಂದರು.
ಮಕ್ಕಳಿಗೆ ಈ ಪರಿಕರಗಳನ್ನು ಸದುಪಯೋಗಪಡಿಸಿಕೊಂಡು ಶಿಕ್ಷಕರು ಪಾಠ ಮಾಡಬೇಕು. ಸಂತೆಹಳ್ಳಿ ಗ್ರಾಮ ಪಂಚಾಯಿತಿಯ ಅಧ್ಯಕ್ಷೆ ಮಾತನಾಡಿದರು. ಶಾಲೆಯ ಮುಖ್ಯ ಶಿಕ್ಷಕರು, ರೋಟರಿ ಸಂಸ್ಥೆಯ ಪದಾಧಿಕಾರಿಗಳು, ಶಿಕ್ಷಕರು ಮತ್ತು ವಿದ್ಯಾರ್ಥಿಗಳು ಭಾಗವಹಿಸಿದ್ದರು.
ರೋಟರಿ
COLLECTIVE ACTION	Rotary Bangalore Palmville
Think Healthcare. Think Palmville
